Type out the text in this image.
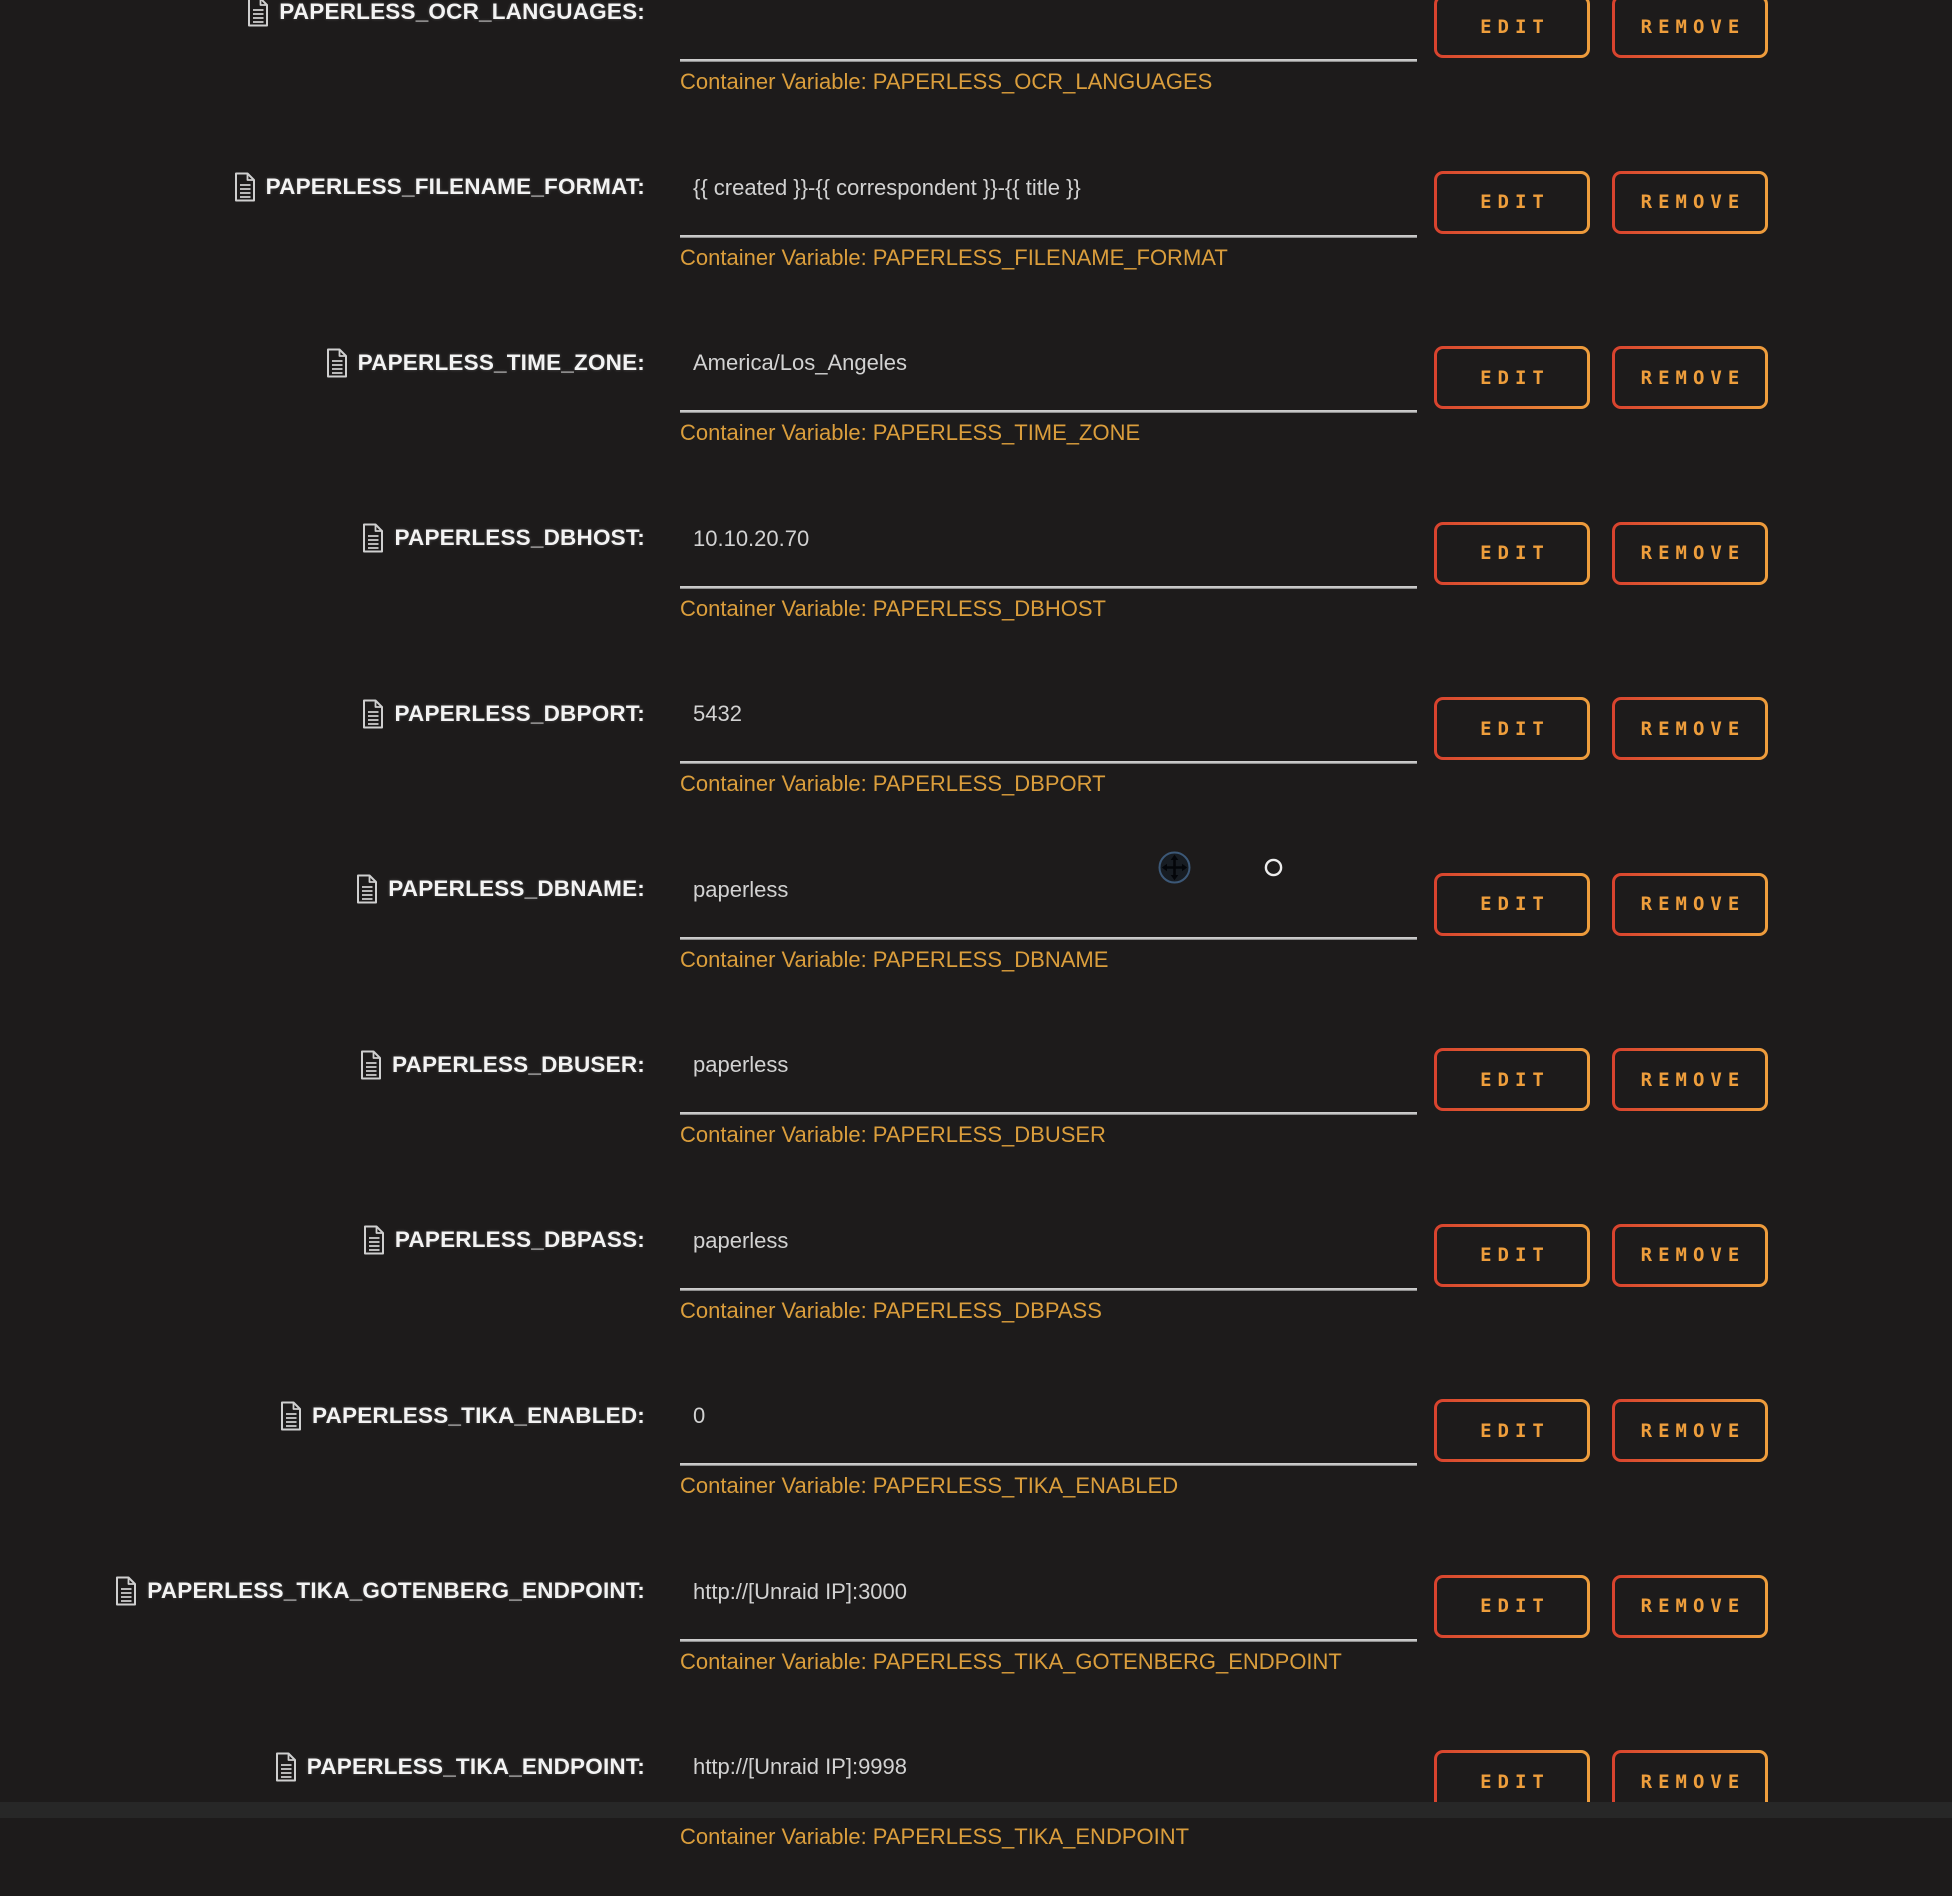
PAPERLESS_OCR_LANGUAGES:
EDIT	REMOVE
Container Variable: PAPERLESS_OCR_LANGUAGES
PAPERLESS_FILENAME_FORMAT: {{ created }}-{{ correspondent }}-{{ title }}
EDIT	REMOVE
Container Variable: PAPERLESS_FILENAME_FORMAT
PAPERLESS_TIME_ZONE: America/Los_Angeles
EDIT	REMOVE
Container Variable: PAPERLESS_TIME_ZONE
PAPERLESS_DBHOST: 10.10.20.70
EDIT	REMOVE
Container Variable: PAPERLESS_DBHOST
PAPERLESS_DBPORT: 5432
EDIT	REMOVE
Container Variable: PAPERLESS_DBPORT
PAPERLESS_DBNAME: paperless
EDIT	REMOVE
Container Variable: PAPERLESS_DBNAME
PAPERLESS_DBUSER: paperless
EDIT	REMOVE
Container Variable: PAPERLESS_DBUSER
PAPERLESS_DBPASS: paperless
EDIT	REMOVE
Container Variable: PAPERLESS_DBPASS
PAPERLESS_TIKA_ENABLED: 0
EDIT	REMOVE
Container Variable: PAPERLESS_TIKA_ENABLED
PAPERLESS_TIKA_GOTENBERG_ENDPOINT: http://[Unraid IP]:3000
EDIT	REMOVE
Container Variable: PAPERLESS_TIKA_GOTENBERG_ENDPOINT
PAPERLESS_TIKA_ENDPOINT: http://[Unraid IP]:9998
EDIT	REMOVE
Container Variable: PAPERLESS_TIKA_ENDPOINT
